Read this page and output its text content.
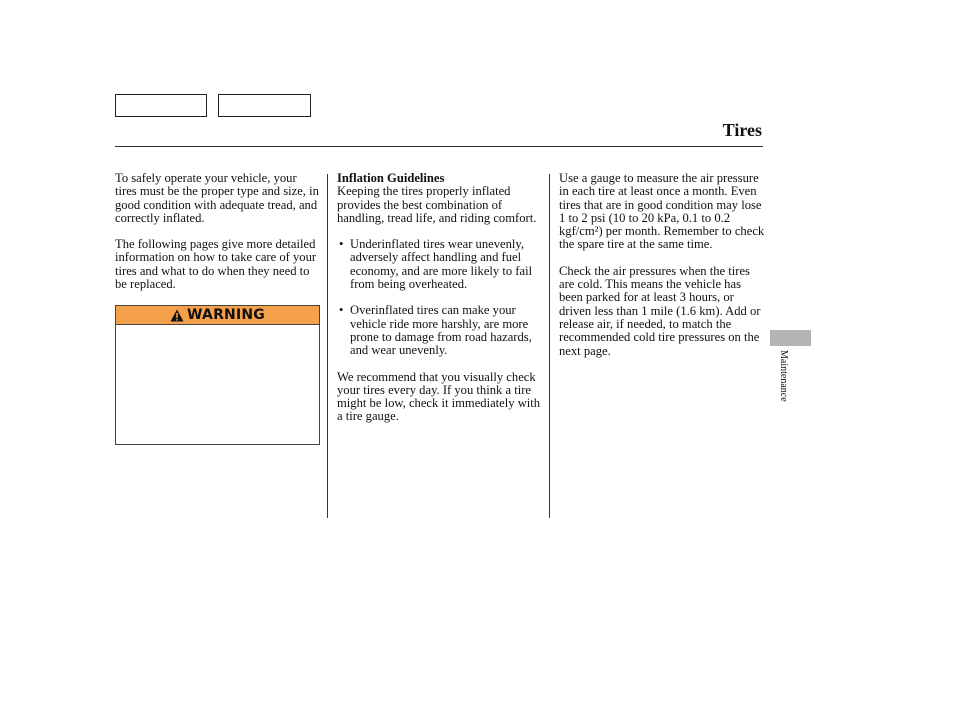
Tires

To safely operate your vehicle, your tires must be the proper type and size, in good condition with adequate tread, and correctly inflated.

The following pages give more detailed information on how to take care of your tires and what to do when they need to be replaced.

WARNING

Inflation Guidelines
Keeping the tires properly inflated provides the best combination of handling, tread life, and riding comfort.

• Underinflated tires wear unevenly, adversely affect handling and fuel economy, and are more likely to fail from being overheated.
• Overinflated tires can make your vehicle ride more harshly, are more prone to damage from road hazards, and wear unevenly.

We recommend that you visually check your tires every day. If you think a tire might be low, check it immediately with a tire gauge.

Use a gauge to measure the air pressure in each tire at least once a month. Even tires that are in good condition may lose 1 to 2 psi (10 to 20 kPa, 0.1 to 0.2 kgf/cm²) per month. Remember to check the spare tire at the same time.

Check the air pressures when the tires are cold. This means the vehicle has been parked for at least 3 hours, or driven less than 1 mile (1.6 km). Add or release air, if needed, to match the recommended cold tire pressures on the next page.	Maintenance
